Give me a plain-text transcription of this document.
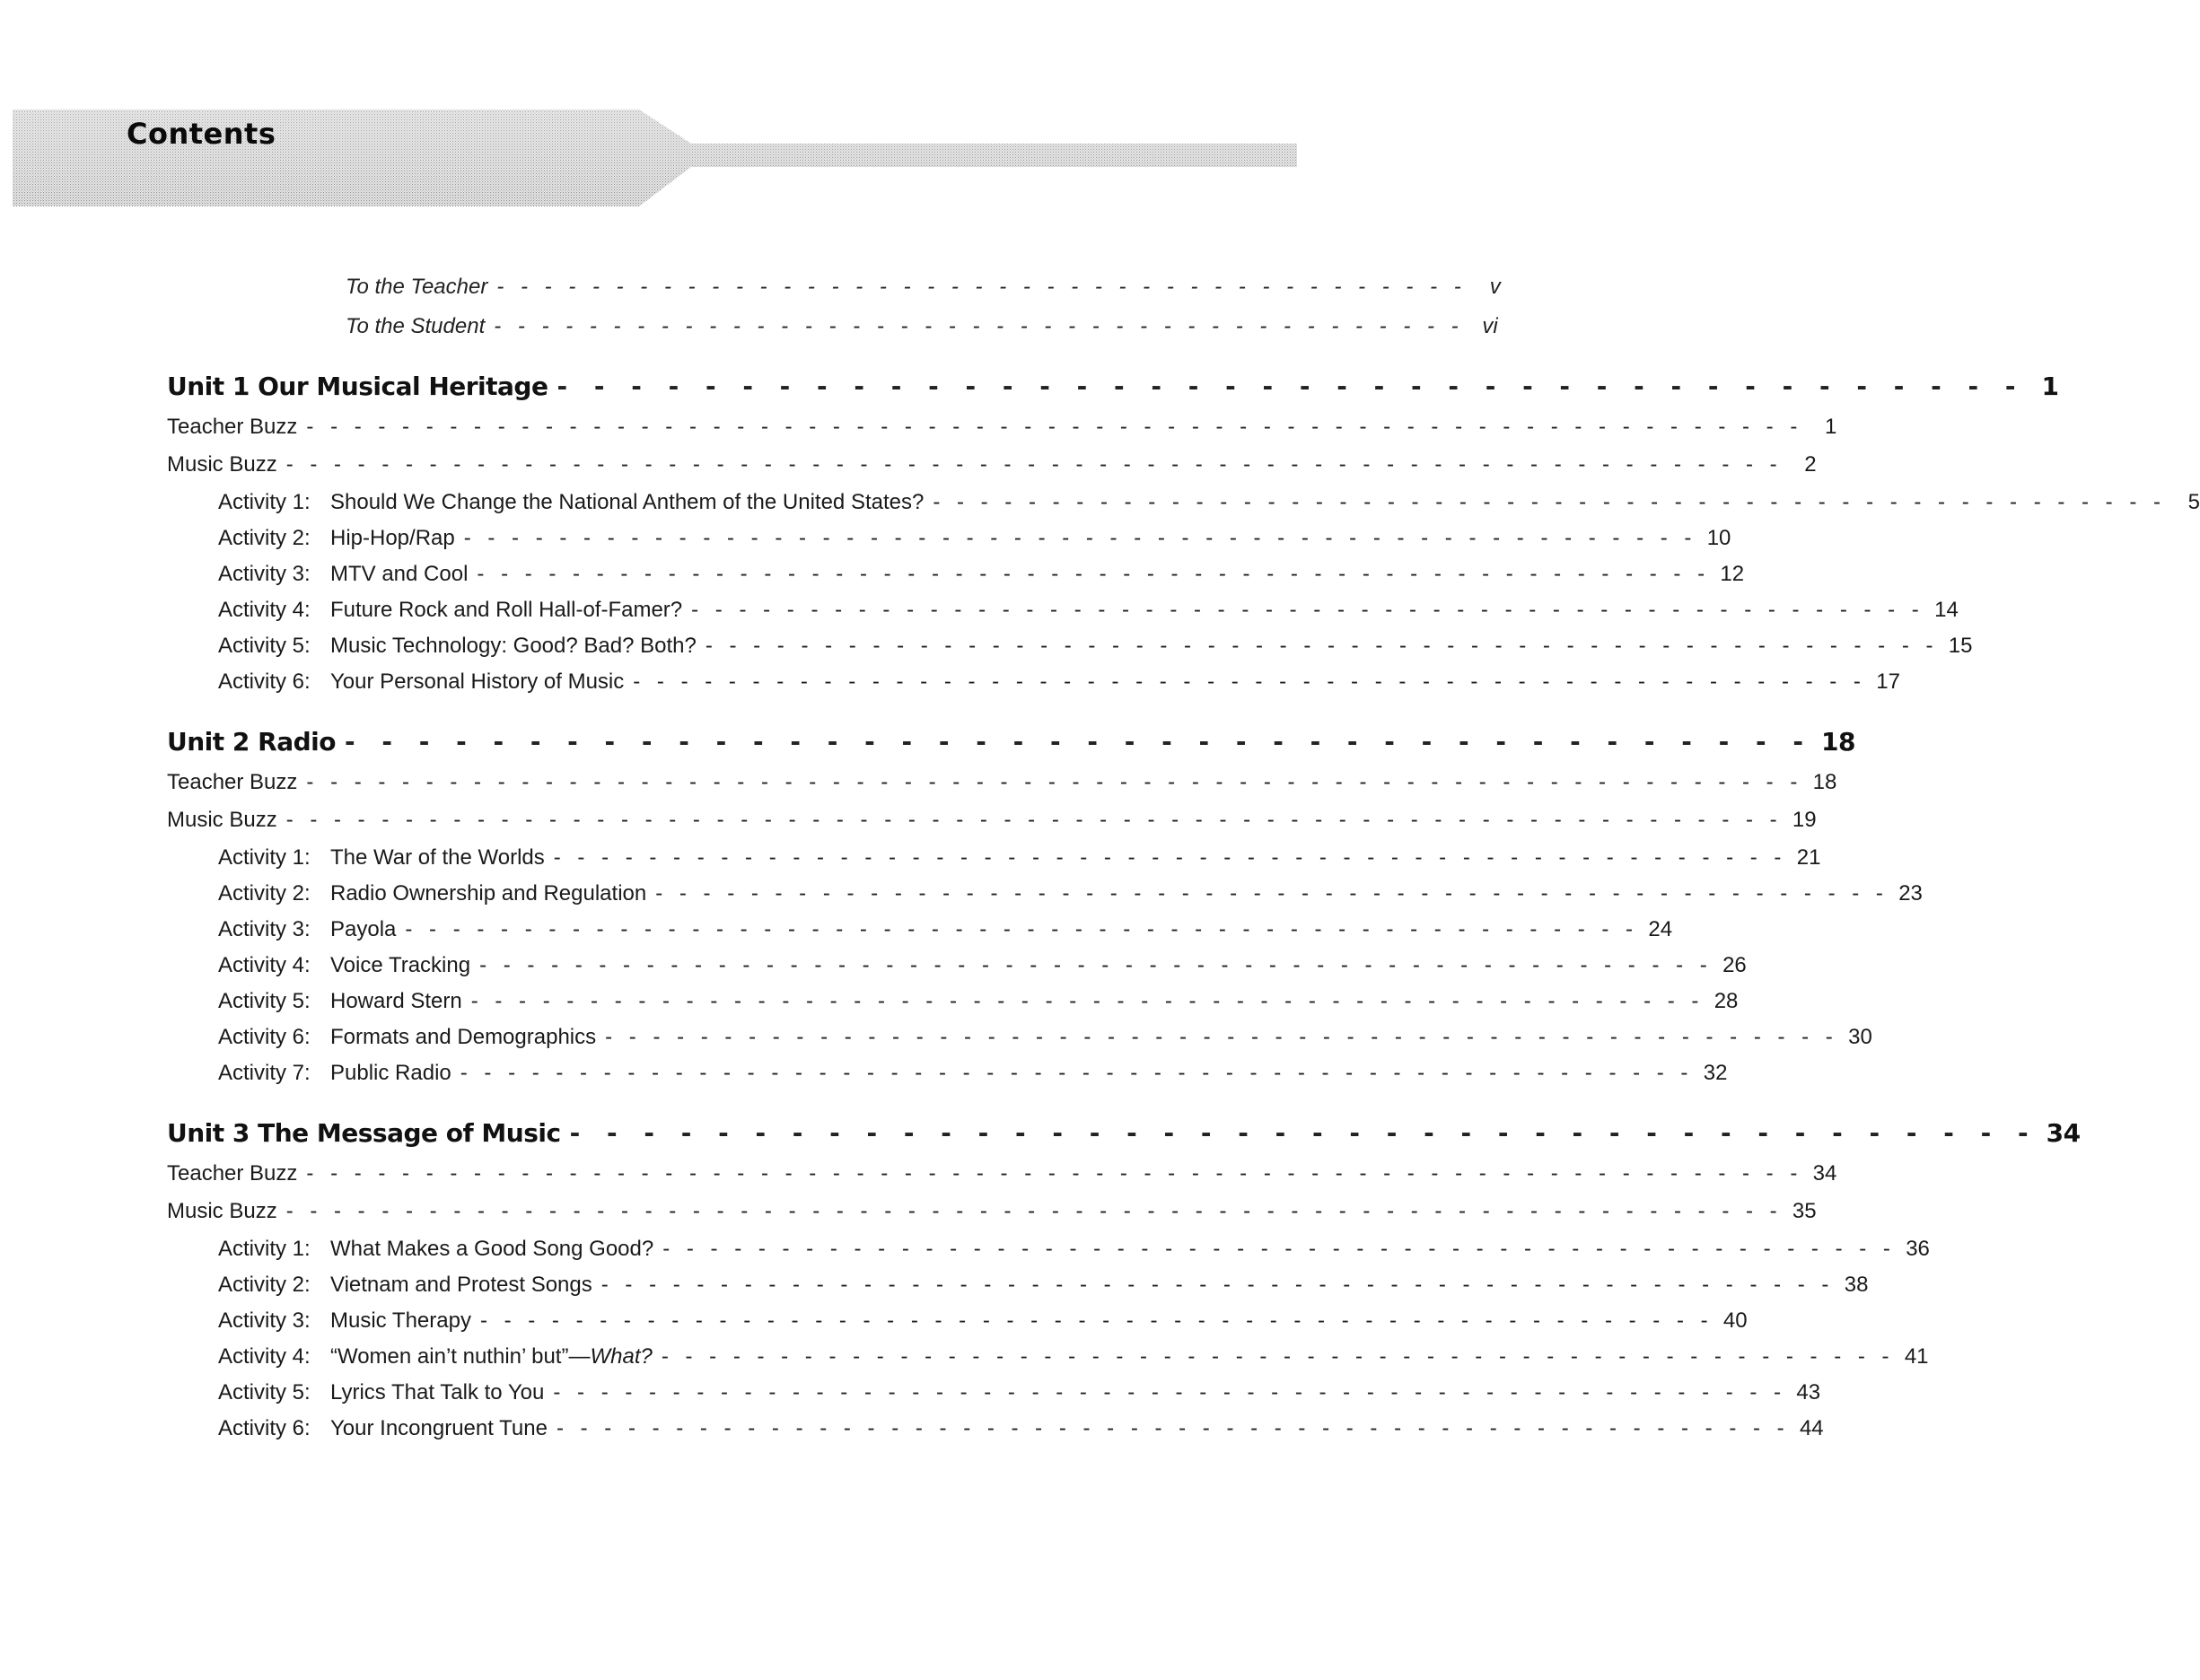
Contents
To the Teacher - - - - - - - - - - - - - - - - - - - - - - - - - - - - - - - - - - - - - - - - -	v
To the Student - - - - - - - - - - - - - - - - - - - - - - - - - - - - - - - - - - - - - - - - - vi
Unit 1 Our Musical Heritage - - - - - - - - - - - - - - - - - - - - - - - - - - - - - - - - - - - - - - - - 1
Teacher Buzz - - - - - - - - - - - - - - - - - - - - - - - - - - - - - - - - - - - - - - - - - - - - - - - - - - - - - - - - - - - - - - -	1
Music Buzz - - - - - - - - - - - - - - - - - - - - - - - - - - - - - - - - - - - - - - - - - - - - - - - - - - - - - - - - - - - - - - -	2
Activity 1: Should We Change the National Anthem of the United States? - - - - - - - - - - - - - - - - - - - - - - - - - - - - - - - - - - - - - - - - - - - - - - - - - - - -	5
Activity 2: Hip-Hop/Rap - - - - - - - - - - - - - - - - - - - - - - - - - - - - - - - - - - - - - - - - - - - - - - - - - - - - 10
Activity 3: MTV and Cool - - - - - - - - - - - - - - - - - - - - - - - - - - - - - - - - - - - - - - - - - - - - - - - - - - - - 12
Activity 4: Future Rock and Roll Hall-of-Famer? - - - - - - - - - - - - - - - - - - - - - - - - - - - - - - - - - - - - - - - - - - - - - - - - - - - - 14
Activity 5: Music Technology: Good? Bad? Both? - - - - - - - - - - - - - - - - - - - - - - - - - - - - - - - - - - - - - - - - - - - - - - - - - - - - 15
Activity 6: Your Personal History of Music - - - - - - - - - - - - - - - - - - - - - - - - - - - - - - - - - - - - - - - - - - - - - - - - - - - - 17
Unit 2 Radio - - - - - - - - - - - - - - - - - - - - - - - - - - - - - - - - - - - - - - - - 18
Teacher Buzz - - - - - - - - - - - - - - - - - - - - - - - - - - - - - - - - - - - - - - - - - - - - - - - - - - - - - - - - - - - - - - - 18
Music Buzz - - - - - - - - - - - - - - - - - - - - - - - - - - - - - - - - - - - - - - - - - - - - - - - - - - - - - - - - - - - - - - - 19
Activity 1: The War of the Worlds - - - - - - - - - - - - - - - - - - - - - - - - - - - - - - - - - - - - - - - - - - - - - - - - - - - - 21
Activity 2: Radio Ownership and Regulation - - - - - - - - - - - - - - - - - - - - - - - - - - - - - - - - - - - - - - - - - - - - - - - - - - - - 23
Activity 3: Payola - - - - - - - - - - - - - - - - - - - - - - - - - - - - - - - - - - - - - - - - - - - - - - - - - - - - 24
Activity 4: Voice Tracking - - - - - - - - - - - - - - - - - - - - - - - - - - - - - - - - - - - - - - - - - - - - - - - - - - - - 26
Activity 5: Howard Stern - - - - - - - - - - - - - - - - - - - - - - - - - - - - - - - - - - - - - - - - - - - - - - - - - - - - 28
Activity 6: Formats and Demographics - - - - - - - - - - - - - - - - - - - - - - - - - - - - - - - - - - - - - - - - - - - - - - - - - - - - 30
Activity 7: Public Radio - - - - - - - - - - - - - - - - - - - - - - - - - - - - - - - - - - - - - - - - - - - - - - - - - - - - 32
Unit 3 The Message of Music - - - - - - - - - - - - - - - - - - - - - - - - - - - - - - - - - - - - - - - - 34
Teacher Buzz - - - - - - - - - - - - - - - - - - - - - - - - - - - - - - - - - - - - - - - - - - - - - - - - - - - - - - - - - - - - - - - 34
Music Buzz - - - - - - - - - - - - - - - - - - - - - - - - - - - - - - - - - - - - - - - - - - - - - - - - - - - - - - - - - - - - - - - 35
Activity 1: What Makes a Good Song Good? - - - - - - - - - - - - - - - - - - - - - - - - - - - - - - - - - - - - - - - - - - - - - - - - - - - - 36
Activity 2: Vietnam and Protest Songs - - - - - - - - - - - - - - - - - - - - - - - - - - - - - - - - - - - - - - - - - - - - - - - - - - - - 38
Activity 3: Music Therapy - - - - - - - - - - - - - - - - - - - - - - - - - - - - - - - - - - - - - - - - - - - - - - - - - - - - 40
Activity 4: “Women ain’t nuthin’ but”—What? - - - - - - - - - - - - - - - - - - - - - - - - - - - - - - - - - - - - - - - - - - - - - - - - - - - - 41
Activity 5: Lyrics That Talk to You - - - - - - - - - - - - - - - - - - - - - - - - - - - - - - - - - - - - - - - - - - - - - - - - - - - - 43
Activity 6: Your Incongruent Tune - - - - - - - - - - - - - - - - - - - - - - - - - - - - - - - - - - - - - - - - - - - - - - - - - - - - 44
